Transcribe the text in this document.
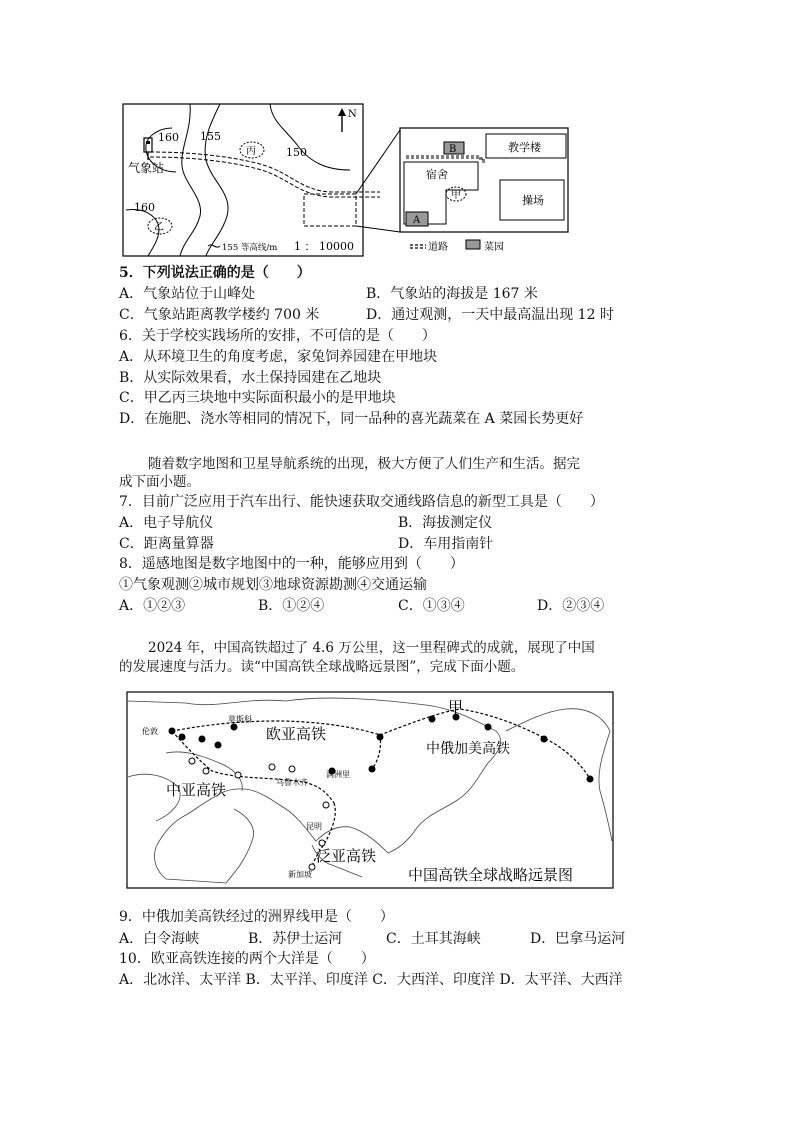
160 155
150
160
气象站
丙
乙
N
155 等高线/m 1 ： 10000
教学楼
宿舍
操场
B
A
甲
道路	菜园
5．下列说法正确的是（　　）
A．气象站位于山峰处	B．气象站的海拔是 167 米
C．气象站距离教学楼约 700 米	D．通过观测，一天中最高温出现 12 时
6．关于学校实践场所的安排，不可信的是（　　）
A．从环境卫生的角度考虑，家兔饲养园建在甲地块
B．从实际效果看，水土保持园建在乙地块
C．甲乙丙三块地中实际面积最小的是甲地块
D．在施肥、浇水等相同的情况下，同一品种的喜光蔬菜在 A 菜园长势更好
随着数字地图和卫星导航系统的出现，极大方便了人们生产和生活。据完
成下面小题。
7．目前广泛应用于汽车出行、能快速获取交通线路信息的新型工具是（　　）
A．电子导航仪	B．海拔测定仪
C．距离量算器	D．车用指南针
8．遥感地图是数字地图中的一种，能够应用到（　　）
①气象观测②城市规划③地球资源勘测④交通运输
A．①②③	B．①②④	C．①③④	D．②③④
2024 年，中国高铁超过了 4.6 万公里，这一里程碑式的成就，展现了中国
的发展速度与活力。读“中国高铁全球战略远景图”，完成下面小题。
伦敦
莫斯科
欧亚高铁
甲
中俄加美高铁
满洲里
乌鲁木齐
中亚高铁
昆明
泛亚高铁
新加坡	中国高铁全球战略远景图
9．中俄加美高铁经过的洲界线甲是（　　）
A．白令海峡	B．苏伊士运河	C．土耳其海峡	D．巴拿马运河
10．欧亚高铁连接的两个大洋是（　　）
A．北冰洋、太平洋 B．太平洋、印度洋 C．大西洋、印度洋 D．太平洋、大西洋
